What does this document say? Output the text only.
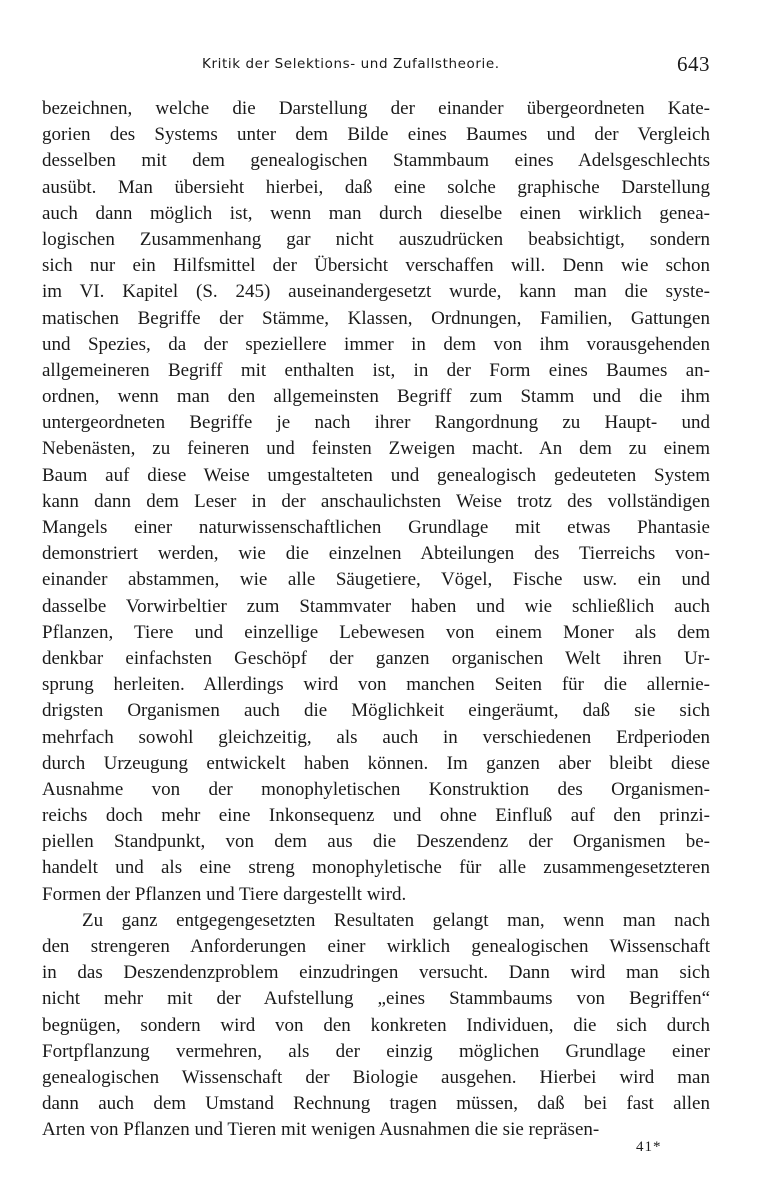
Kritik der Selektions- und Zufallstheorie.	643
bezeichnen, welche die Darstellung der einander übergeordneten Kate-
gorien des Systems unter dem Bilde eines Baumes und der Vergleich
desselben mit dem genealogischen Stammbaum eines Adelsgeschlechts
ausübt. Man übersieht hierbei, daß eine solche graphische Darstellung
auch dann möglich ist, wenn man durch dieselbe einen wirklich genea-
logischen Zusammenhang gar nicht auszudrücken beabsichtigt, sondern
sich nur ein Hilfsmittel der Übersicht verschaffen will. Denn wie schon
im VI. Kapitel (S. 245) auseinandergesetzt wurde, kann man die syste-
matischen Begriffe der Stämme, Klassen, Ordnungen, Familien, Gattungen
und Spezies, da der speziellere immer in dem von ihm vorausgehenden
allgemeineren Begriff mit enthalten ist, in der Form eines Baumes an-
ordnen, wenn man den allgemeinsten Begriff zum Stamm und die ihm
untergeordneten Begriffe je nach ihrer Rangordnung zu Haupt- und
Nebenästen, zu feineren und feinsten Zweigen macht. An dem zu einem
Baum auf diese Weise umgestalteten und genealogisch gedeuteten System
kann dann dem Leser in der anschaulichsten Weise trotz des vollständigen
Mangels einer naturwissenschaftlichen Grundlage mit etwas Phantasie
demonstriert werden, wie die einzelnen Abteilungen des Tierreichs von-
einander abstammen, wie alle Säugetiere, Vögel, Fische usw. ein und
dasselbe Vorwirbeltier zum Stammvater haben und wie schließlich auch
Pflanzen, Tiere und einzellige Lebewesen von einem Moner als dem
denkbar einfachsten Geschöpf der ganzen organischen Welt ihren Ur-
sprung herleiten. Allerdings wird von manchen Seiten für die allernie-
drigsten Organismen auch die Möglichkeit eingeräumt, daß sie sich
mehrfach sowohl gleichzeitig, als auch in verschiedenen Erdperioden
durch Urzeugung entwickelt haben können. Im ganzen aber bleibt diese
Ausnahme von der monophyletischen Konstruktion des Organismen-
reichs doch mehr eine Inkonsequenz und ohne Einfluß auf den prinzi-
piellen Standpunkt, von dem aus die Deszendenz der Organismen be-
handelt und als eine streng monophyletische für alle zusammengesetzteren
Formen der Pflanzen und Tiere dargestellt wird.
Zu ganz entgegengesetzten Resultaten gelangt man, wenn man nach
den strengeren Anforderungen einer wirklich genealogischen Wissenschaft
in das Deszendenzproblem einzudringen versucht. Dann wird man sich
nicht mehr mit der Aufstellung „eines Stammbaums von Begriffen“
begnügen, sondern wird von den konkreten Individuen, die sich durch
Fortpflanzung vermehren, als der einzig möglichen Grundlage einer
genealogischen Wissenschaft der Biologie ausgehen. Hierbei wird man
dann auch dem Umstand Rechnung tragen müssen, daß bei fast allen
Arten von Pflanzen und Tieren mit wenigen Ausnahmen die sie repräsen-
41*
